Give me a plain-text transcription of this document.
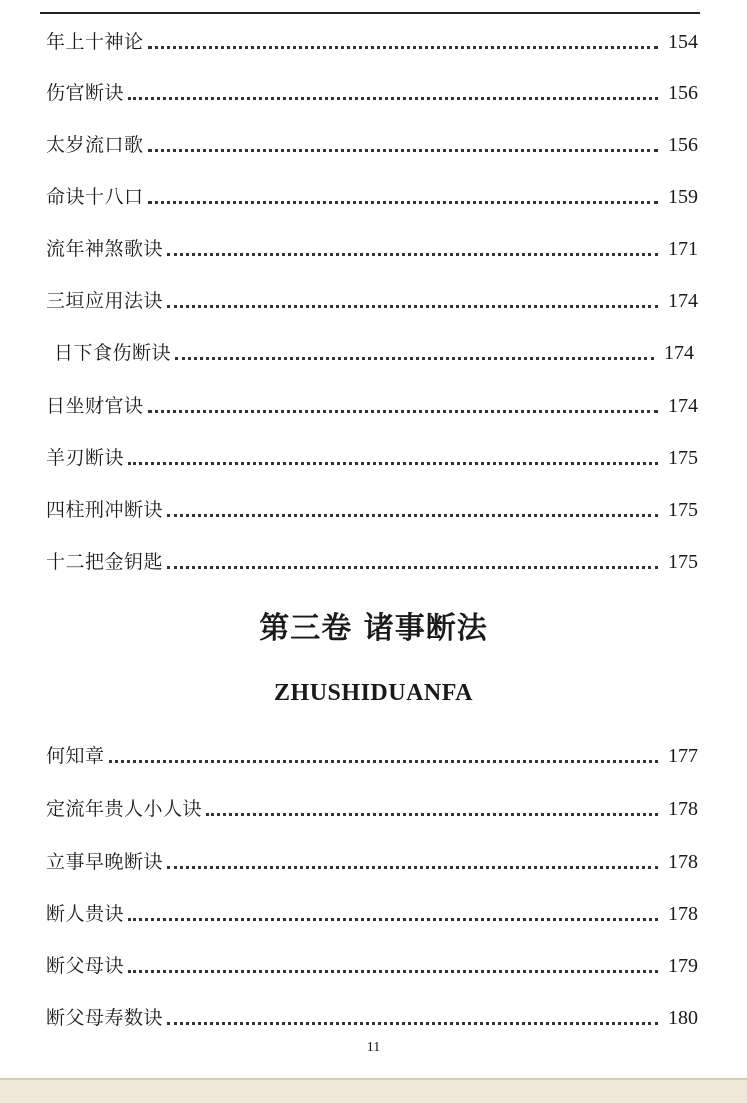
年上十神论	154
伤官断诀	156
太岁流口歌	156
命诀十八口	159
流年神煞歌诀	171
三垣应用法诀	174
日下食伤断诀	174
日坐财官诀	174
羊刃断诀	175
四柱刑冲断诀	175
十二把金钥匙	175
第三卷 诸事断法
ZHUSHIDUANFA
何知章	177
定流年贵人小人诀	178
立事早晚断诀	178
断人贵诀	178
断父母诀	179
断父母寿数诀	180
11
